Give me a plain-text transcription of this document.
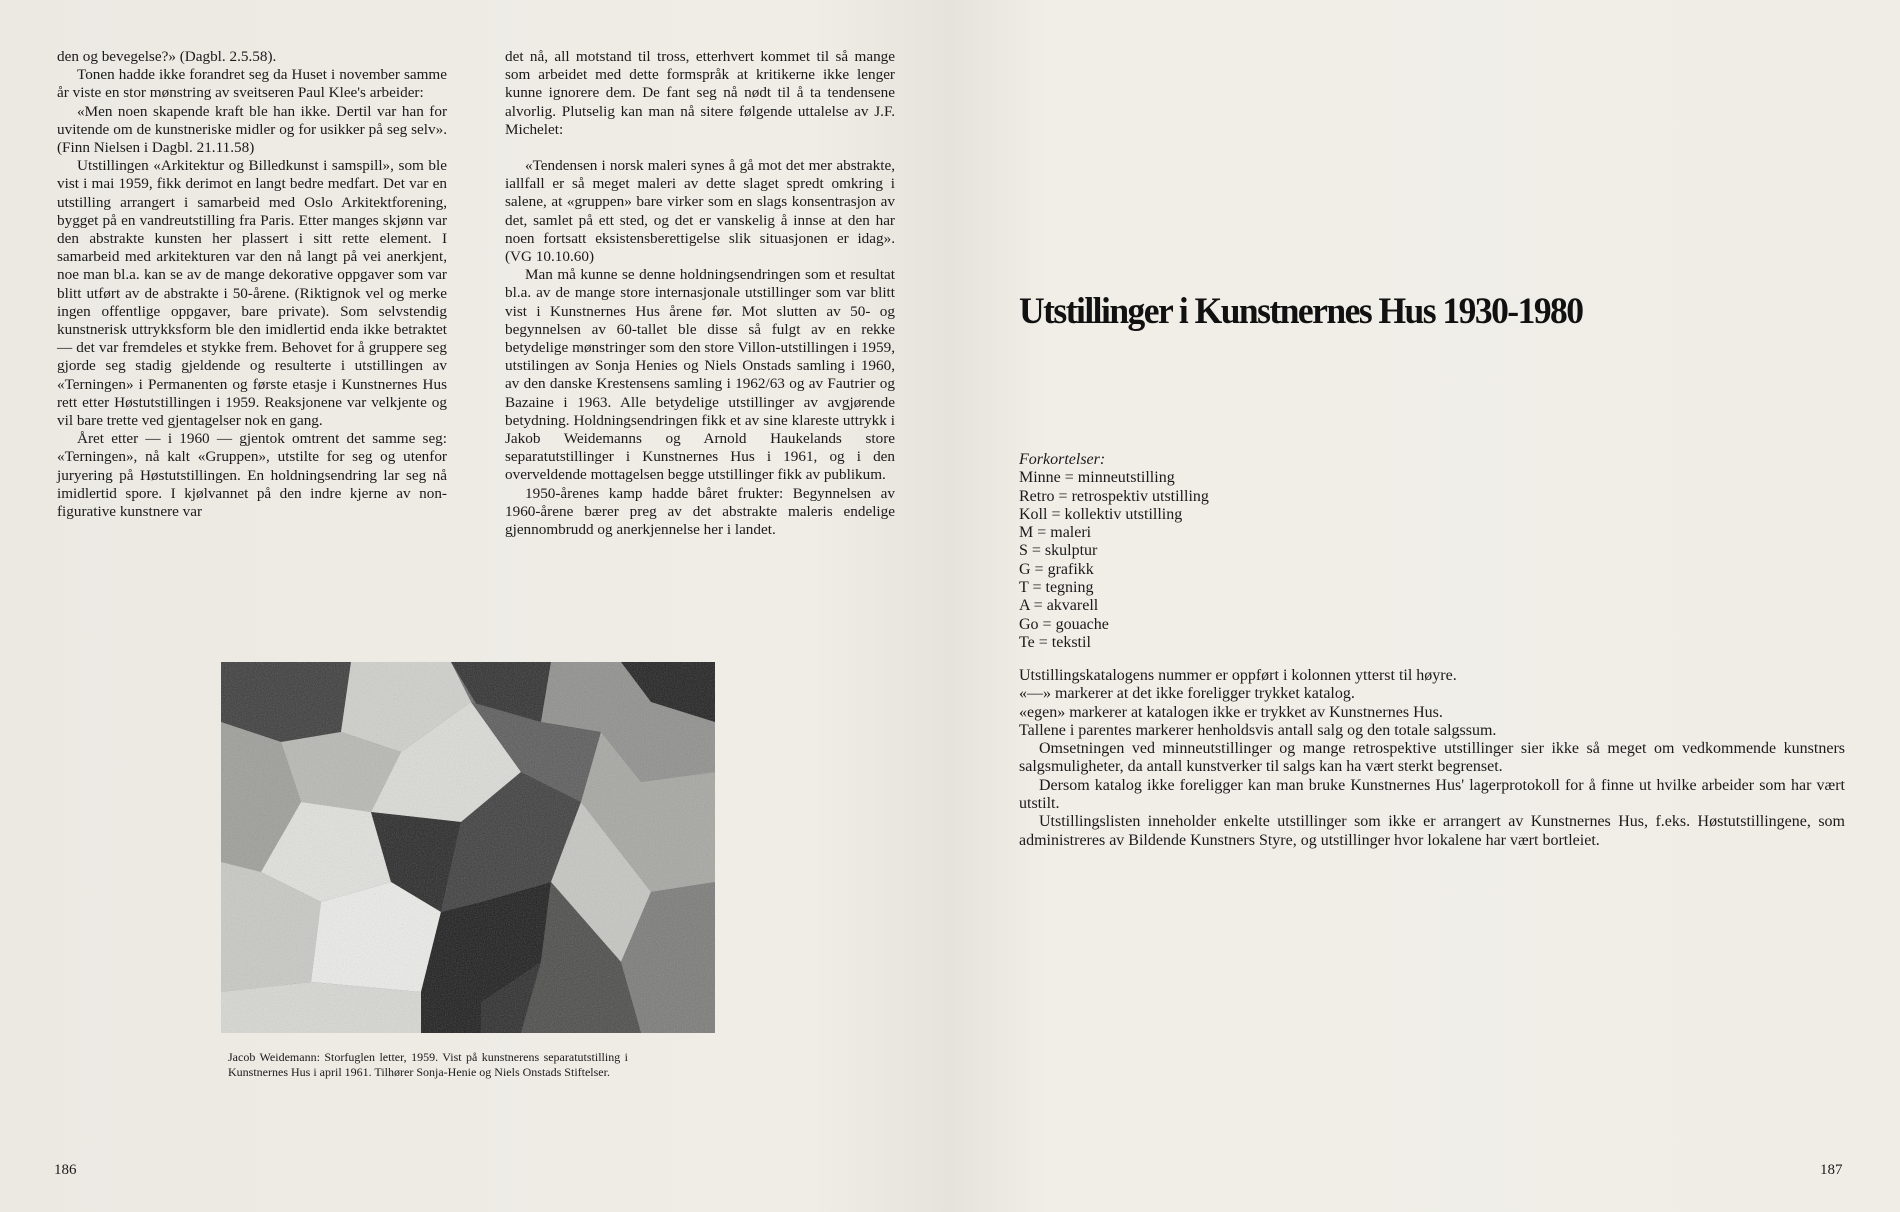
den og bevegelse?» (Dagbl. 2.5.58).

Tonen hadde ikke forandret seg da Huset i november samme år viste en stor mønstring av sveitseren Paul Klee's arbeider:

«Men noen skapende kraft ble han ikke. Dertil var han for uvitende om de kunstneriske midler og for usikker på seg selv». (Finn Nielsen i Dagbl. 21.11.58)

Utstillingen «Arkitektur og Billedkunst i samspill», som ble vist i mai 1959, fikk derimot en langt bedre medfart. Det var en utstilling arrangert i samarbeid med Oslo Arkitektforening, bygget på en vandreutstilling fra Paris. Etter manges skjønn var den abstrakte kunsten her plassert i sitt rette element. I samarbeid med arkitekturen var den nå langt på vei anerkjent, noe man bl.a. kan se av de mange dekorative oppgaver som var blitt utført av de abstrakte i 50-årene. (Riktignok vel og merke ingen offentlige oppgaver, bare private). Som selvstendig kunstnerisk uttrykksform ble den imidlertid enda ikke betraktet — det var fremdeles et stykke frem. Behovet for å gruppere seg gjorde seg stadig gjeldende og resulterte i utstillingen av «Terningen» i Permanenten og første etasje i Kunstnernes Hus rett etter Høstutstillingen i 1959. Reaksjonene var velkjente og vil bare trette ved gjentagelser nok en gang.

Året etter — i 1960 — gjentok omtrent det samme seg: «Terningen», nå kalt «Gruppen», utstilte for seg og utenfor juryering på Høstutstillingen. En holdningsendring lar seg nå imidlertid spore. I kjølvannet på den indre kjerne av non-figurative kunstnere var

det nå, all motstand til tross, etterhvert kommet til så mange som arbeidet med dette formspråk at kritikerne ikke lenger kunne ignorere dem. De fant seg nå nødt til å ta tendensene alvorlig. Plutselig kan man nå sitere følgende uttalelse av J.F. Michelet:

«Tendensen i norsk maleri synes å gå mot det mer abstrakte, iallfall er så meget maleri av dette slaget spredt omkring i salene, at «gruppen» bare virker som en slags konsentrasjon av det, samlet på ett sted, og det er vanskelig å innse at den har noen fortsatt eksistensberettigelse slik situasjonen er idag». (VG 10.10.60)

Man må kunne se denne holdningsendringen som et resultat bl.a. av de mange store internasjonale utstillinger som var blitt vist i Kunstnernes Hus årene før. Mot slutten av 50- og begynnelsen av 60-tallet ble disse så fulgt av en rekke betydelige mønstringer som den store Villon-utstillingen i 1959, utstilingen av Sonja Henies og Niels Onstads samling i 1960, av den danske Krestensens samling i 1962/63 og av Fautrier og Bazaine i 1963. Alle betydelige utstillinger av avgjørende betydning. Holdningsendringen fikk et av sine klareste uttrykk i Jakob Weidemanns og Arnold Haukelands store separatutstillinger i Kunstnernes Hus i 1961, og i den overveldende mottagelsen begge utstillinger fikk av publikum.

1950-årenes kamp hadde båret frukter: Begynnelsen av 1960-årene bærer preg av det abstrakte maleris endelige gjennombrudd og anerkjennelse her i landet.

Jacob Weidemann: Storfuglen letter, 1959. Vist på kunstnerens separatutstilling i Kunstnernes Hus i april 1961. Tilhører Sonja-Henie og Niels Onstads Stiftelser.
186
Utstillinger i Kunstnernes Hus 1930-1980
Forkortelser:
Minne = minneutstilling
Retro = retrospektiv utstilling
Koll = kollektiv utstilling
M = maleri
S = skulptur
G = grafikk
T = tegning
A = akvarell
Go = gouache
Te = tekstil

Utstillingskatalogens nummer er oppført i kolonnen ytterst til høyre.

«—» markerer at det ikke foreligger trykket katalog.

«egen» markerer at katalogen ikke er trykket av Kunstnernes Hus.

Tallene i parentes markerer henholdsvis antall salg og den totale salgssum.

Omsetningen ved minneutstillinger og mange retrospektive utstillinger sier ikke så meget om vedkommende kunstners salgsmuligheter, da antall kunstverker til salgs kan ha vært sterkt begrenset.

Dersom katalog ikke foreligger kan man bruke Kunstnernes Hus' lagerprotokoll for å finne ut hvilke arbeider som har vært utstilt.

Utstillingslisten inneholder enkelte utstillinger som ikke er arrangert av Kunstnernes Hus, f.eks. Høstutstillingene, som administreres av Bildende Kunstners Styre, og utstillinger hvor lokalene har vært bortleiet.

187
